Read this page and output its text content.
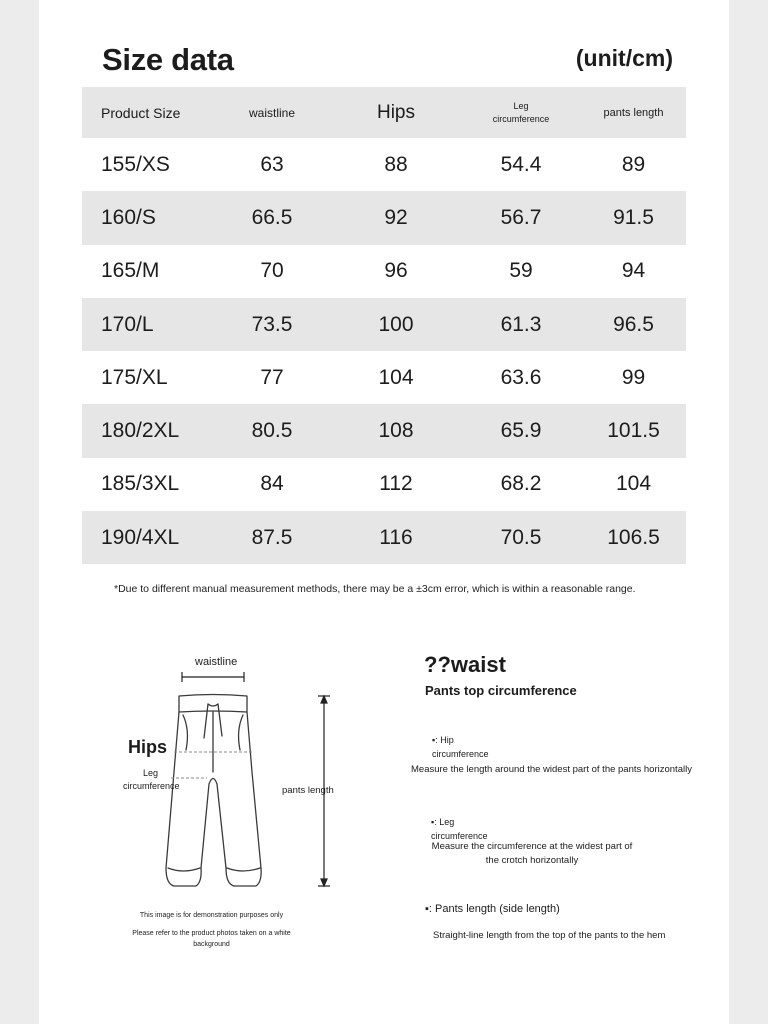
Size data	(unit/cm)
Product Size	waistline	Hips	Leg
circumference	pants length
155/XS	63	88	54.4	89
160/S	66.5	92	56.7	91.5
165/M	70	96	59	94
170/L	73.5	100	61.3	96.5
175/XL	77	104	63.6	99
180/2XL	80.5	108	65.9	101.5
185/3XL	84	112	68.2	104
190/4XL	87.5	116	70.5	106.5
*Due to different manual measurement methods, there may be a ±3cm error, which is within a reasonable range.
waistline
Hips
Leg
circumference	pants length
This image is for demonstration purposes only
Please refer to the product photos taken on a white background
??waist
Pants top circumference
▪: Hip
circumference
Measure the length around the widest part of the pants horizontally
▪: Leg
circumference
Measure the circumference at the widest part of the crotch horizontally
▪: Pants length (side length)
Straight-line length from the top of the pants to the hem
